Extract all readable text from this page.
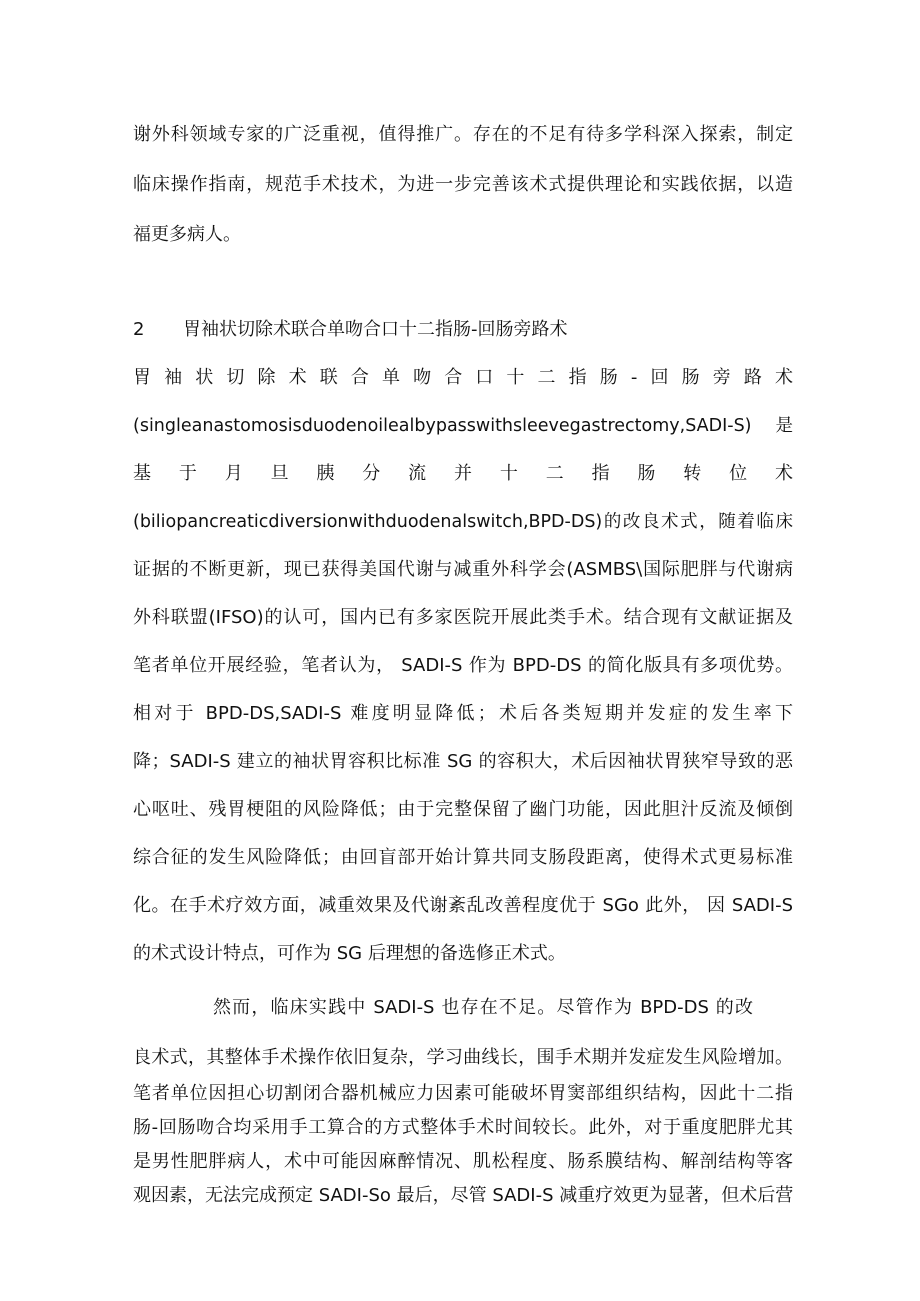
谢外科领域专家的广泛重视，值得推广。存在的不足有待多学科深入探索，制定
临床操作指南，规范手术技术，为进一步完善该术式提供理论和实践依据，以造
福更多病人。
2 胃袖状切除术联合单吻合口十二指肠-回肠旁路术
胃袖状切除术联合单吻合口十二指肠-回肠旁路术
(singleanastomosisduodenoilealbypasswithsleevegastrectomy,SADI-S) 是
基于月旦胰分流并十二指肠转位术
(biliopancreaticdiversionwithduodenalswitch,BPD-DS)的改良术式，随着临床
证据的不断更新，现已获得美国代谢与减重外科学会(ASMBS\国际肥胖与代谢病
外科联盟(IFSO)的认可，国内已有多家医院开展此类手术。结合现有文献证据及
笔者单位开展经验，笔者认为， SADI-S 作为 BPD-DS 的简化版具有多项优势。
相对于 BPD-DS,SADI-S 难度明显降低；术后各类短期并发症的发生率下
降；SADI-S 建立的袖状胃容积比标准 SG 的容积大，术后因袖状胃狭窄导致的恶
心呕吐、残胃梗阻的风险降低；由于完整保留了幽门功能，因此胆汁反流及倾倒
综合征的发生风险降低；由回盲部开始计算共同支肠段距离，使得术式更易标准
化。在手术疗效方面，减重效果及代谢紊乱改善程度优于 SGo 此外， 因 SADI-S
的术式设计特点，可作为 SG 后理想的备选修正术式。
然而，临床实践中 SADI-S 也存在不足。尽管作为 BPD-DS 的改
良术式，其整体手术操作依旧复杂，学习曲线长，围手术期并发症发生风险增加。
笔者单位因担心切割闭合器机械应力因素可能破坏胃窦部组织结构，因此十二指
肠-回肠吻合均采用手工算合的方式整体手术时间较长。此外，对于重度肥胖尤其
是男性肥胖病人，术中可能因麻醉情况、肌松程度、肠系膜结构、解剖结构等客
观因素，无法完成预定 SADI-So 最后，尽管 SADI-S 减重疗效更为显著，但术后营
